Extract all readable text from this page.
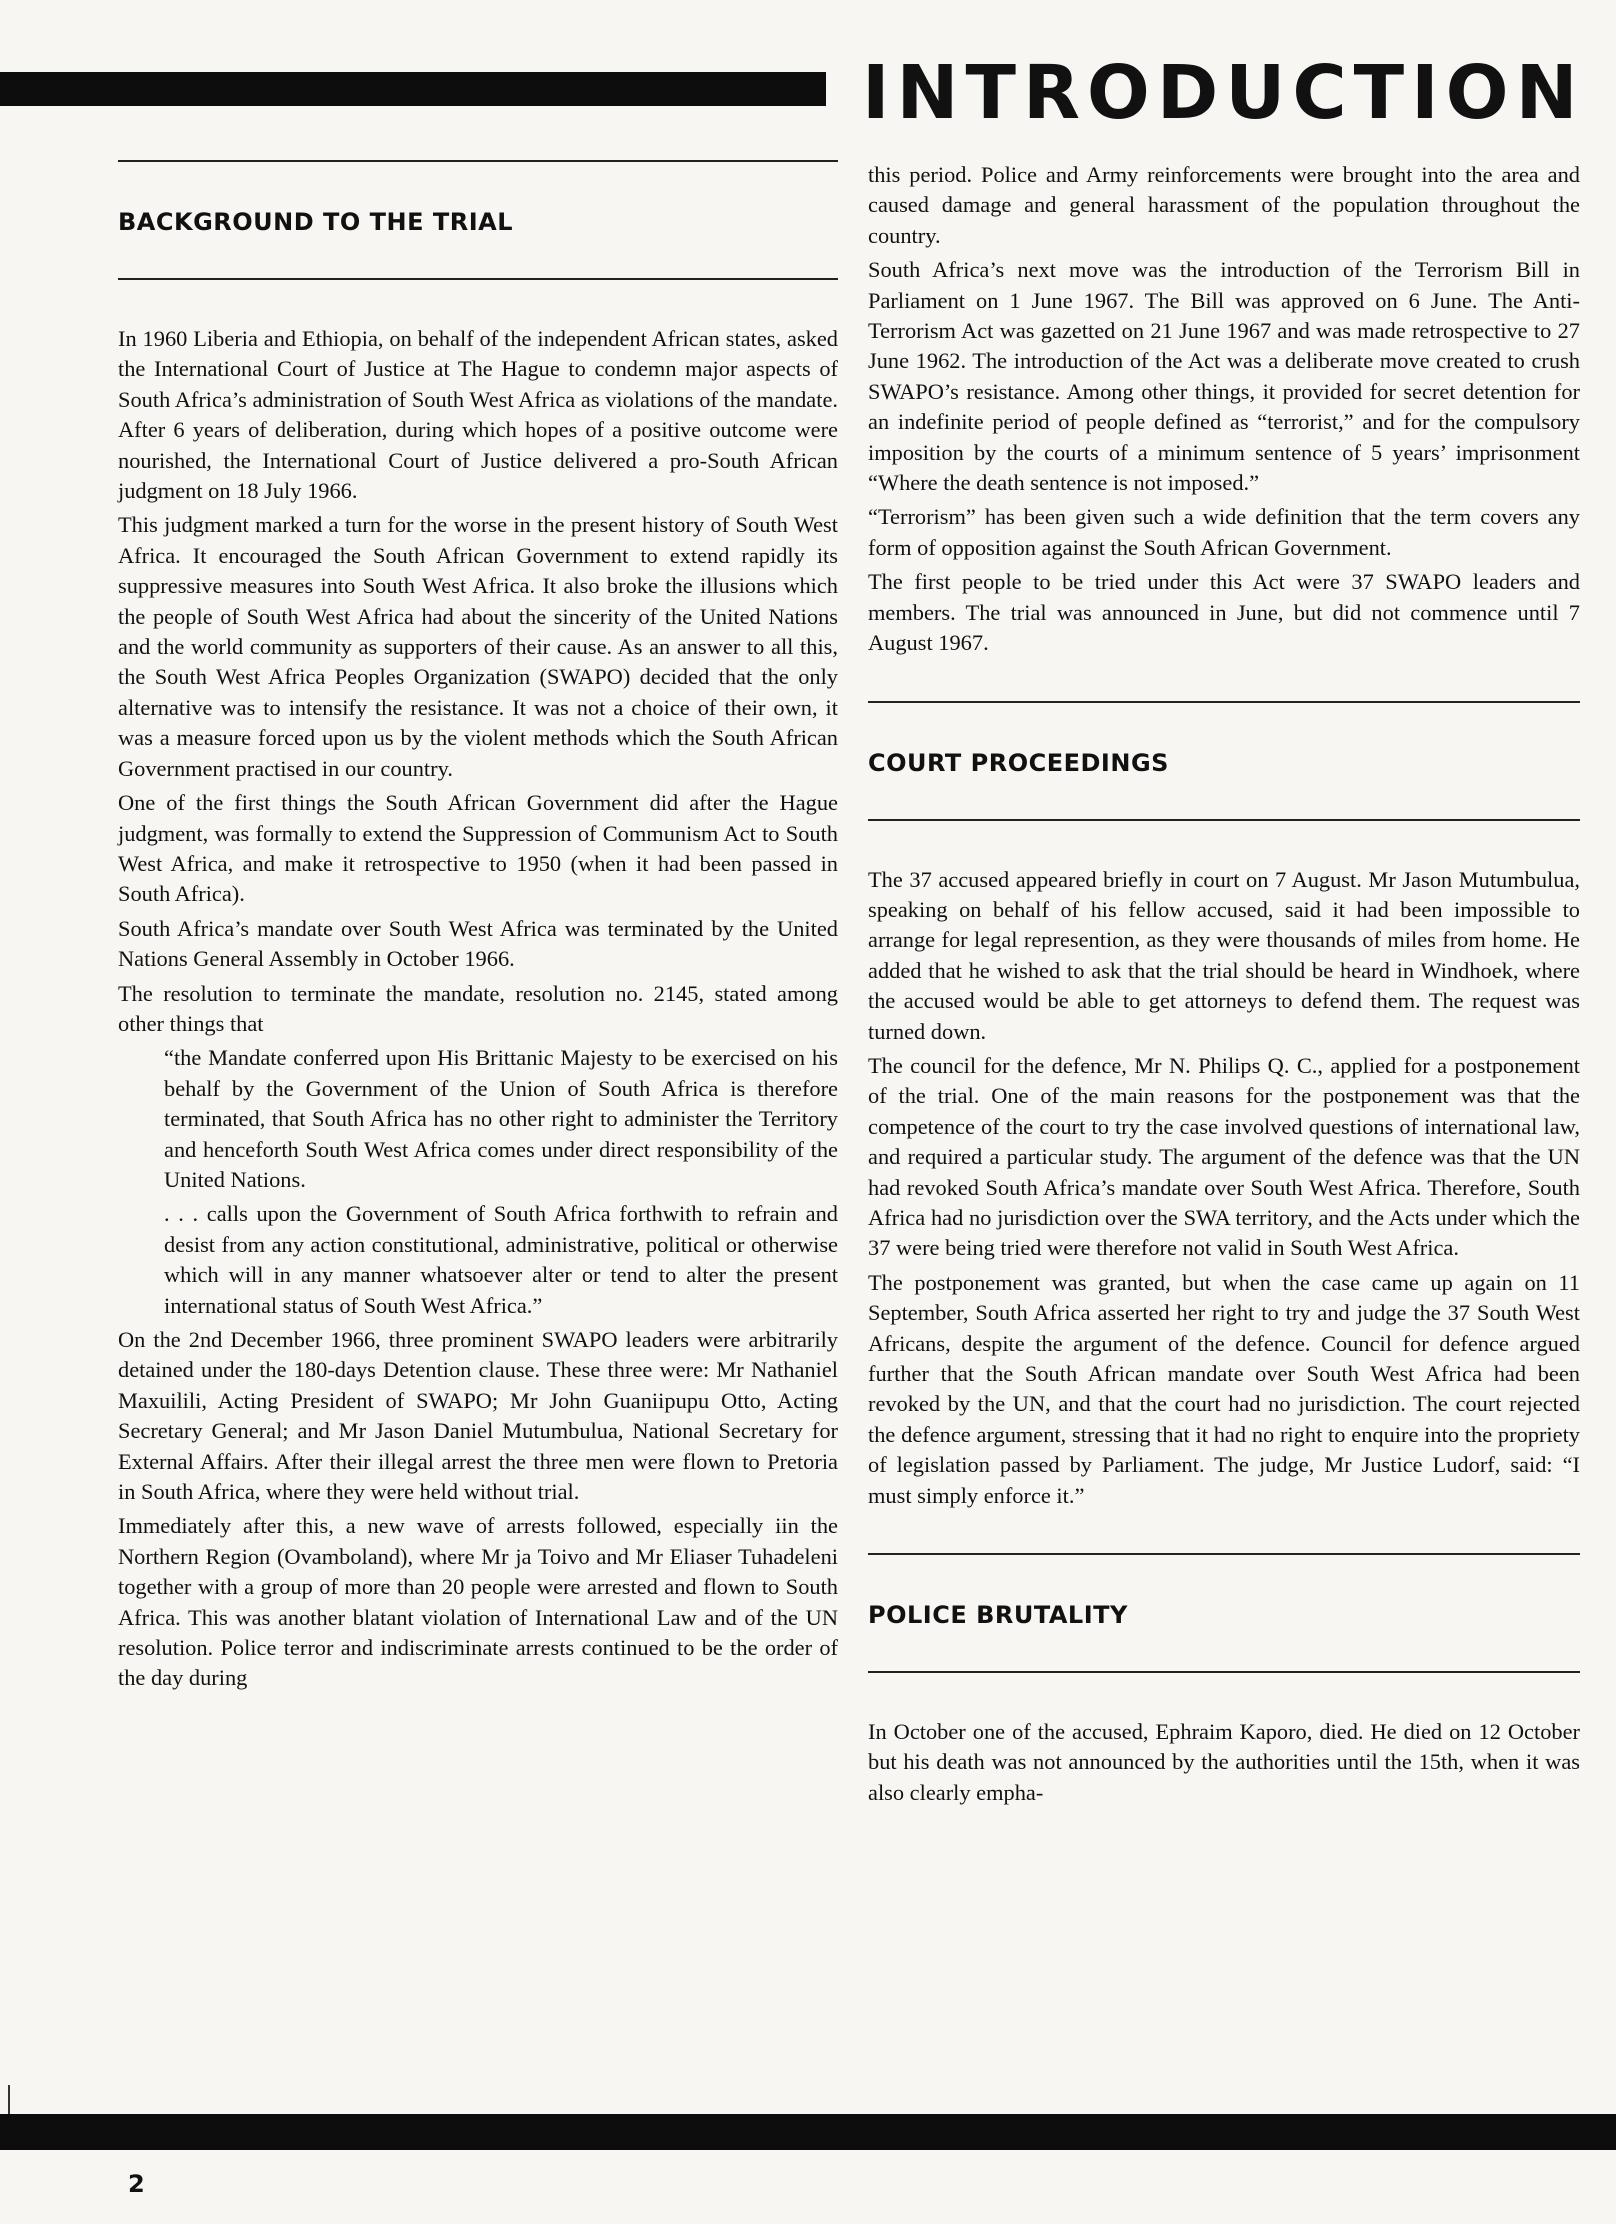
INTRODUCTION
BACKGROUND TO THE TRIAL

In 1960 Liberia and Ethiopia, on behalf of the independent African states, asked the International Court of Justice at The Hague to condemn major aspects of South Africa’s administration of South West Africa as violations of the mandate. After 6 years of deliberation, during which hopes of a positive outcome were nourished, the International Court of Justice delivered a pro-South African judgment on 18 July 1966.

This judgment marked a turn for the worse in the present history of South West Africa. It encouraged the South African Government to extend rapidly its suppressive measures into South West Africa. It also broke the illusions which the people of South West Africa had about the sincerity of the United Nations and the world community as supporters of their cause. As an answer to all this, the South West Africa Peoples Organization (SWAPO) decided that the only alternative was to intensify the resistance. It was not a choice of their own, it was a measure forced upon us by the violent methods which the South African Government practised in our country.

One of the first things the South African Government did after the Hague judgment, was formally to extend the Suppression of Communism Act to South West Africa, and make it retrospective to 1950 (when it had been passed in South Africa).

South Africa’s mandate over South West Africa was terminated by the United Nations General Assembly in October 1966.

The resolution to terminate the mandate, resolution no. 2145, stated among other things that

“the Mandate conferred upon His Brittanic Majesty to be exercised on his behalf by the Government of the Union of South Africa is therefore terminated, that South Africa has no other right to administer the Territory and henceforth South West Africa comes under direct responsibility of the United Nations.

. . . calls upon the Government of South Africa forthwith to refrain and desist from any action constitutional, administrative, political or otherwise which will in any manner whatsoever alter or tend to alter the present international status of South West Africa.”

On the 2nd December 1966, three prominent SWAPO leaders were arbitrarily detained under the 180-days Detention clause. These three were: Mr Nathaniel Maxuilili, Acting President of SWAPO; Mr John Guaniipupu Otto, Acting Secretary General; and Mr Jason Daniel Mutumbulua, National Secretary for External Affairs. After their illegal arrest the three men were flown to Pretoria in South Africa, where they were held without trial.

Immediately after this, a new wave of arrests followed, especially iin the Northern Region (Ovamboland), where Mr ja Toivo and Mr Eliaser Tuhadeleni together with a group of more than 20 people were arrested and flown to South Africa. This was another blatant violation of International Law and of the UN resolution. Police terror and indiscriminate arrests continued to be the order of the day during

this period. Police and Army reinforcements were brought into the area and caused damage and general harassment of the population throughout the country.

South Africa’s next move was the introduction of the Terrorism Bill in Parliament on 1 June 1967. The Bill was approved on 6 June. The Anti-Terrorism Act was gazetted on 21 June 1967 and was made retrospective to 27 June 1962. The introduction of the Act was a deliberate move created to crush SWAPO’s resistance. Among other things, it provided for secret detention for an indefinite period of people defined as “terrorist,” and for the compulsory imposition by the courts of a minimum sentence of 5 years’ imprisonment “Where the death sentence is not imposed.”

“Terrorism” has been given such a wide definition that the term covers any form of opposition against the South African Government.

The first people to be tried under this Act were 37 SWAPO leaders and members. The trial was announced in June, but did not commence until 7 August 1967.

COURT PROCEEDINGS

The 37 accused appeared briefly in court on 7 August. Mr Jason Mutumbulua, speaking on behalf of his fellow accused, said it had been impossible to arrange for legal represention, as they were thousands of miles from home. He added that he wished to ask that the trial should be heard in Windhoek, where the accused would be able to get attorneys to defend them. The request was turned down.

The council for the defence, Mr N. Philips Q. C., applied for a postponement of the trial. One of the main reasons for the postponement was that the competence of the court to try the case involved questions of international law, and required a particular study. The argument of the defence was that the UN had revoked South Africa’s mandate over South West Africa. Therefore, South Africa had no jurisdiction over the SWA territory, and the Acts under which the 37 were being tried were therefore not valid in South West Africa.

The postponement was granted, but when the case came up again on 11 September, South Africa asserted her right to try and judge the 37 South West Africans, despite the argument of the defence. Council for defence argued further that the South African mandate over South West Africa had been revoked by the UN, and that the court had no jurisdiction. The court rejected the defence argument, stressing that it had no right to enquire into the propriety of legislation passed by Parliament. The judge, Mr Justice Ludorf, said: “I must simply enforce it.”

POLICE BRUTALITY

In October one of the accused, Ephraim Kaporo, died. He died on 12 October but his death was not announced by the authorities until the 15th, when it was also clearly empha-

2
